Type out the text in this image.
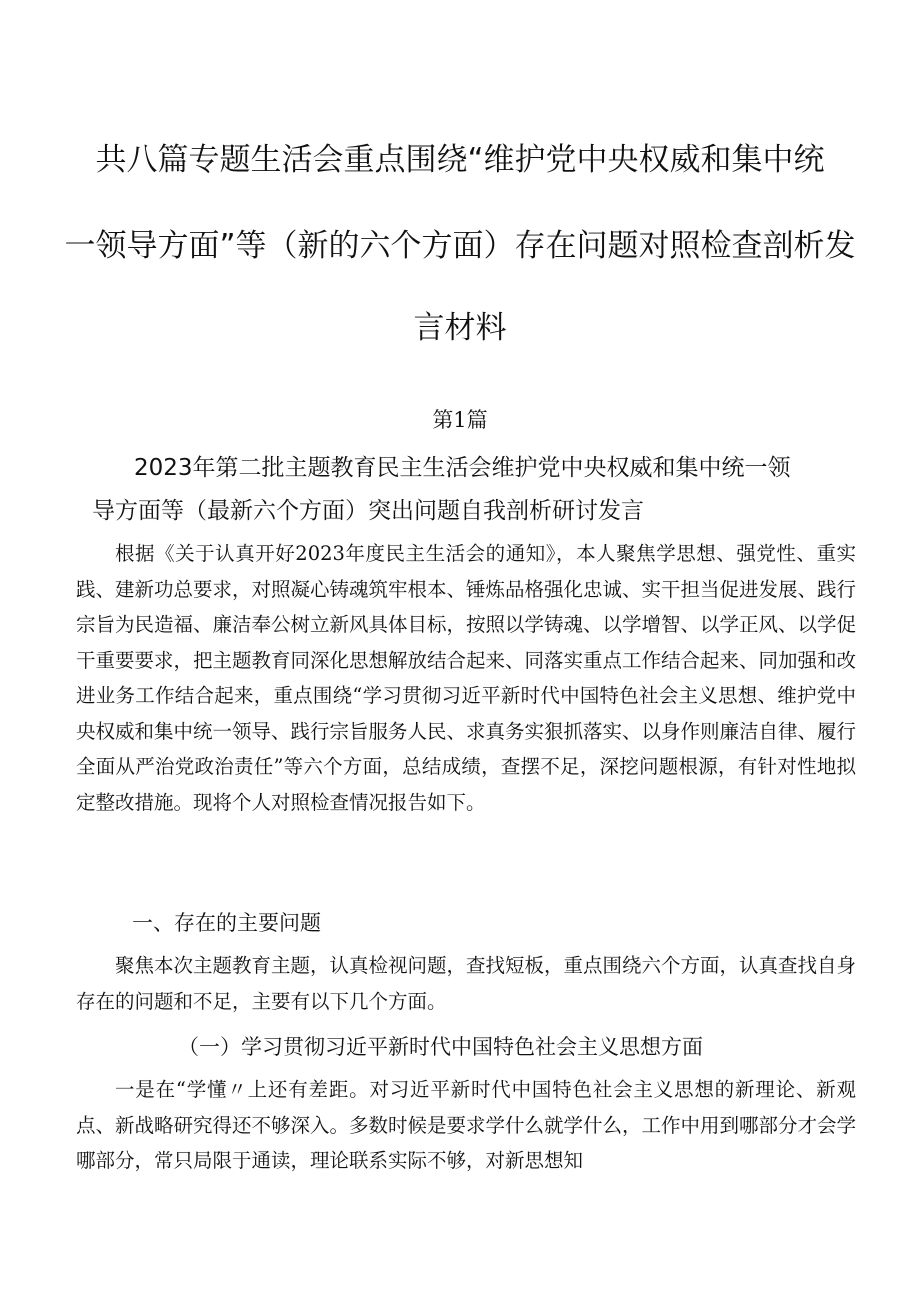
共八篇专题生活会重点围绕“维护党中央权威和集中统
一领导方面”等（新的六个方面）存在问题对照检查剖析发
言材料
第1篇
2023年第二批主题教育民主生活会维护党中央权威和集中统一领
导方面等（最新六个方面）突出问题自我剖析研讨发言

根据《关于认真开好2023年度民主生活会的通知》，本人聚焦学思想、强党性、重实践、建新功总要求，对照凝心铸魂筑牢根本、锤炼品格强化忠诚、实干担当促进发展、践行宗旨为民造福、廉洁奉公树立新风具体目标，按照以学铸魂、以学增智、以学正风、以学促干重要要求，把主题教育同深化思想解放结合起来、同落实重点工作结合起来、同加强和改进业务工作结合起来，重点围绕“学习贯彻习近平新时代中国特色社会主义思想、维护党中央权威和集中统一领导、践行宗旨服务人民、求真务实狠抓落实、以身作则廉洁自律、履行全面从严治党政治责任”等六个方面，总结成绩，查摆不足，深挖问题根源，有针对性地拟定整改措施。现将个人对照检查情况报告如下。

一、存在的主要问题

聚焦本次主题教育主题，认真检视问题，查找短板，重点围绕六个方面，认真查找自身存在的问题和不足，主要有以下几个方面。

（一）学习贯彻习近平新时代中国特色社会主义思想方面

一是在“学懂〃上还有差距。对习近平新时代中国特色社会主义思想的新理论、新观点、新战略研究得还不够深入。多数时候是要求学什么就学什么，工作中用到哪部分才会学哪部分，常只局限于通读，理论联系实际不够，对新思想知
